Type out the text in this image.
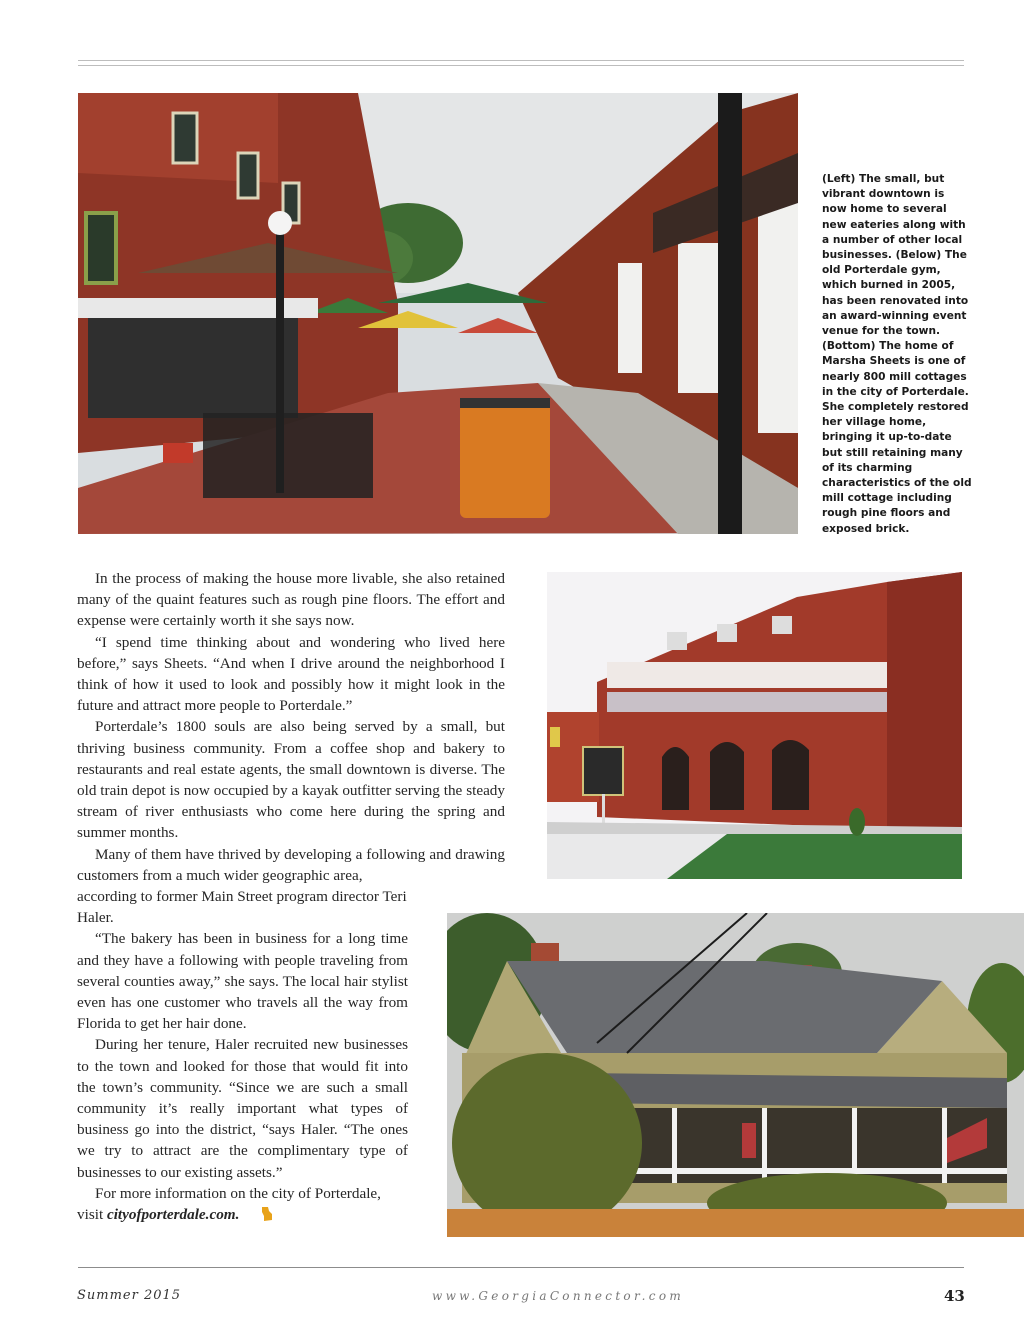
(Left) The small, but vibrant downtown is now home to several new eateries along with a number of other local businesses. (Below) The old Porterdale gym, which burned in 2005, has been renovated into an award-winning event venue for the town. (Bottom) The home of Marsha Sheets is one of nearly 800 mill cottages in the city of Porterdale. She completely restored her village home, bringing it up-to-date but still retaining many of its charming characteristics of the old mill cottage including rough pine floors and exposed brick.

In the process of making the house more livable, she also retained many of the quaint features such as rough pine floors. The effort and expense were certainly worth it she says now.

“I spend time thinking about and wondering who lived here before,” says Sheets. “And when I drive around the neighborhood I think of how it used to look and possibly how it might look in the future and attract more people to Porterdale.”

Porterdale’s 1800 souls are also being served by a small, but thriving business community. From a coffee shop and bakery to restaurants and real estate agents, the small downtown is diverse. The old train depot is now occupied by a kayak outfitter serving the steady stream of river enthusiasts who come here during the spring and summer months.

Many of them have thrived by developing a following and drawing customers from a much wider geographic area,

according to former Main Street program director Teri Haler.

“The bakery has been in business for a long time and they have a following with people traveling from several counties away,” she says. The local hair stylist even has one customer who travels all the way from Florida to get her hair done.

During her tenure, Haler recruited new businesses to the town and looked for those that would fit into the town’s community. “Since we are such a small community it’s really important what types of business go into the district, “says Haler. “The ones we try to attract are the complimentary type of businesses to our existing assets.”

For more information on the city of Porterdale, visit cityofporterdale.com.

Summer 2015	www.GeorgiaConnector.com	43
